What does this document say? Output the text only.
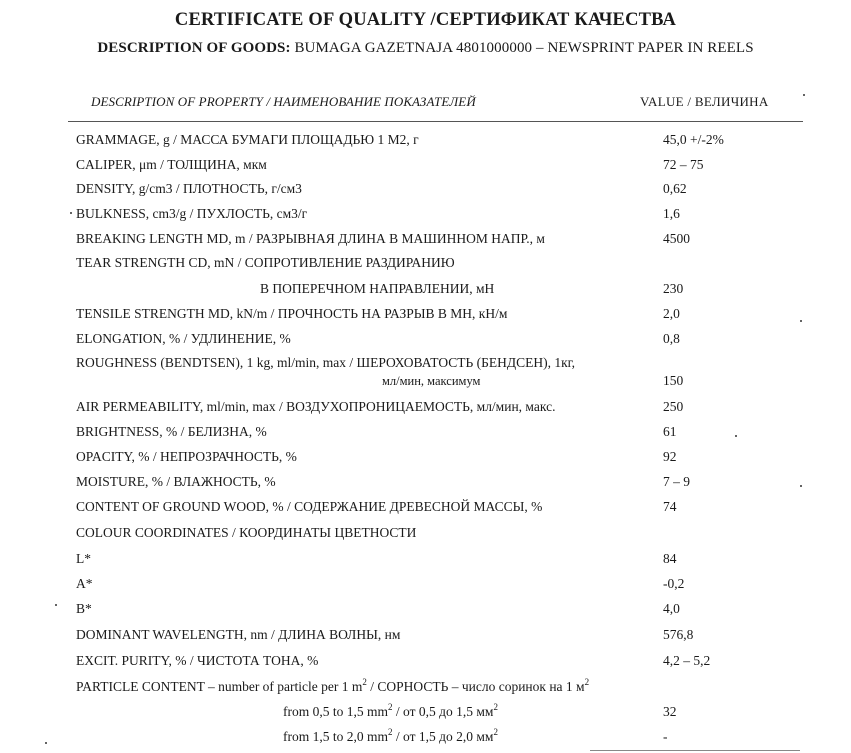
CERTIFICATE OF QUALITY /СЕРТИФИКАТ КАЧЕСТВА
DESCRIPTION OF GOODS: BUMAGA GAZETNAJA 4801000000 – NEWSPRINT PAPER IN REELS
DESCRIPTION OF PROPERTY / НАИМЕНОВАНИЕ ПОКАЗАТЕЛЕЙ	VALUE / ВЕЛИЧИНА
GRAMMAGE, g / МАССА БУМАГИ ПЛОЩАДЬЮ 1 М2, г	45,0 +/-2%
CALIPER, μm / ТОЛЩИНА, мкм	72 – 75
DENSITY, g/cm3 / ПЛОТНОСТЬ, г/см3	0,62
BULKNESS, cm3/g / ПУХЛОСТЬ, см3/г	1,6
BREAKING LENGTH MD, m / РАЗРЫВНАЯ ДЛИНА В МАШИННОМ НАПР., м	4500
TEAR STRENGTH CD, mN / СОПРОТИВЛЕНИЕ РАЗДИРАНИЮ
В ПОПЕРЕЧНОМ НАПРАВЛЕНИИ, мН	230
TENSILE STRENGTH MD, kN/m / ПРОЧНОСТЬ НА РАЗРЫВ В МН, кН/м	2,0
ELONGATION, % / УДЛИНЕНИЕ, %	0,8
ROUGHNESS (BENDTSEN), 1 kg, ml/min, max / ШЕРОХОВАТОСТЬ (БЕНДСЕН), 1кг,
мл/мин, максимум	150
AIR PERMEABILITY, ml/min, max / ВОЗДУХОПРОНИЦАЕМОСТЬ, мл/мин, макс.	250
BRIGHTNESS, % / БЕЛИЗНА, %	61
OPACITY, % / НЕПРОЗРАЧНОСТЬ, %	92
MOISTURE, % / ВЛАЖНОСТЬ, %	7 – 9
CONTENT OF GROUND WOOD, % / СОДЕРЖАНИЕ ДРЕВЕСНОЙ МАССЫ, %	74
COLOUR COORDINATES / КООРДИНАТЫ ЦВЕТНОСТИ
L*	84
A*	-0,2
B*	4,0
DOMINANT WAVELENGTH, nm / ДЛИНА ВОЛНЫ, нм	576,8
EXCIT. PURITY, % / ЧИСТОТА ТОНА, %	4,2 – 5,2
PARTICLE CONTENT – number of particle per 1 $m^2$ / СОРНОСТЬ – число соринок на 1 $м^2$
from 0,5 to 1,5 $mm^2$ / от 0,5 до 1,5 $мм^2$	32
from 1,5 to 2,0 $mm^2$ / от 1,5 до 2,0 $мм^2$	-
